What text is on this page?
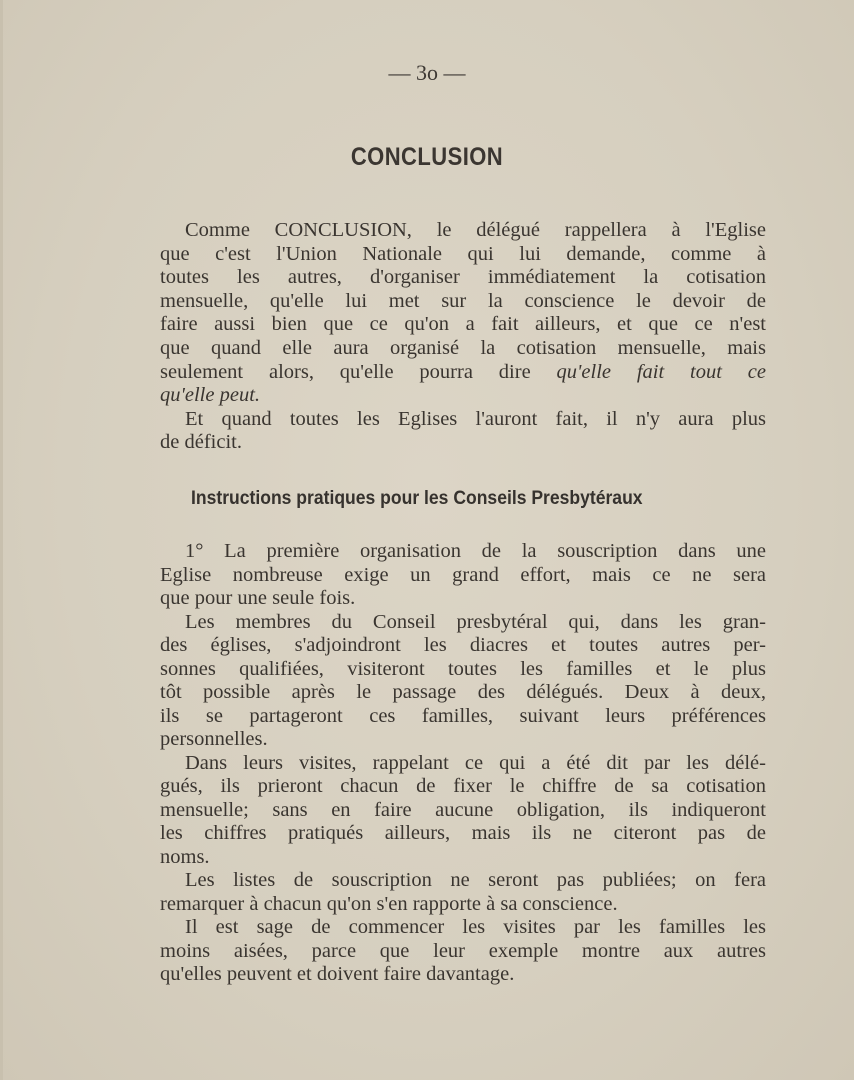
— 3o —
CONCLUSION
Comme CONCLUSION, le délégué rappellera à l'Eglise
que c'est l'Union Nationale qui lui demande, comme à
toutes les autres, d'organiser immédiatement la cotisation
mensuelle, qu'elle lui met sur la conscience le devoir de
faire aussi bien que ce qu'on a fait ailleurs, et que ce n'est
que quand elle aura organisé la cotisation mensuelle, mais
seulement alors, qu'elle pourra dire qu'elle fait tout ce
qu'elle peut.
Et quand toutes les Eglises l'auront fait, il n'y aura plus
de déficit.
Instructions pratiques pour les Conseils Presbytéraux
1° La première organisation de la souscription dans une
Eglise nombreuse exige un grand effort, mais ce ne sera
que pour une seule fois.
Les membres du Conseil presbytéral qui, dans les gran-
des églises, s'adjoindront les diacres et toutes autres per-
sonnes qualifiées, visiteront toutes les familles et le plus
tôt possible après le passage des délégués. Deux à deux,
ils se partageront ces familles, suivant leurs préférences
personnelles.
Dans leurs visites, rappelant ce qui a été dit par les délé-
gués, ils prieront chacun de fixer le chiffre de sa cotisation
mensuelle; sans en faire aucune obligation, ils indiqueront
les chiffres pratiqués ailleurs, mais ils ne citeront pas de
noms.
Les listes de souscription ne seront pas publiées; on fera
remarquer à chacun qu'on s'en rapporte à sa conscience.
Il est sage de commencer les visites par les familles les
moins aisées, parce que leur exemple montre aux autres
qu'elles peuvent et doivent faire davantage.
